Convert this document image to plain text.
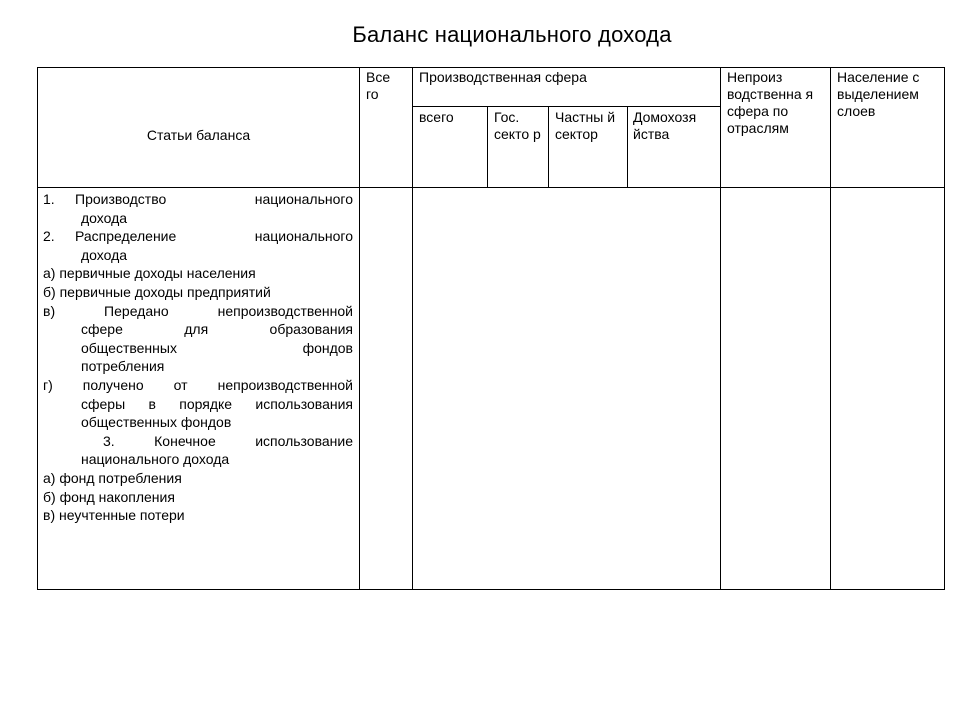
Баланс национального дохода
Статьи баланса
Все го
Производственная сфера
всего	Гос. секто р
Частны й сектор
Домохозя йства
Непроиз водственна я сфера по отраслям
Население с выделением слоев
1. Производство национального
дохода
2. Распределение национального
дохода
а) первичные доходы населения
б) первичные доходы предприятий
в) Передано непроизводственной
сфере для образования
общественных фондов
потребления
г) получено от непроизводственной
сферы в порядке использования
общественных фондов
3. Конечное использование
национального дохода
а) фонд потребления
б) фонд накопления
в) неучтенные потери
